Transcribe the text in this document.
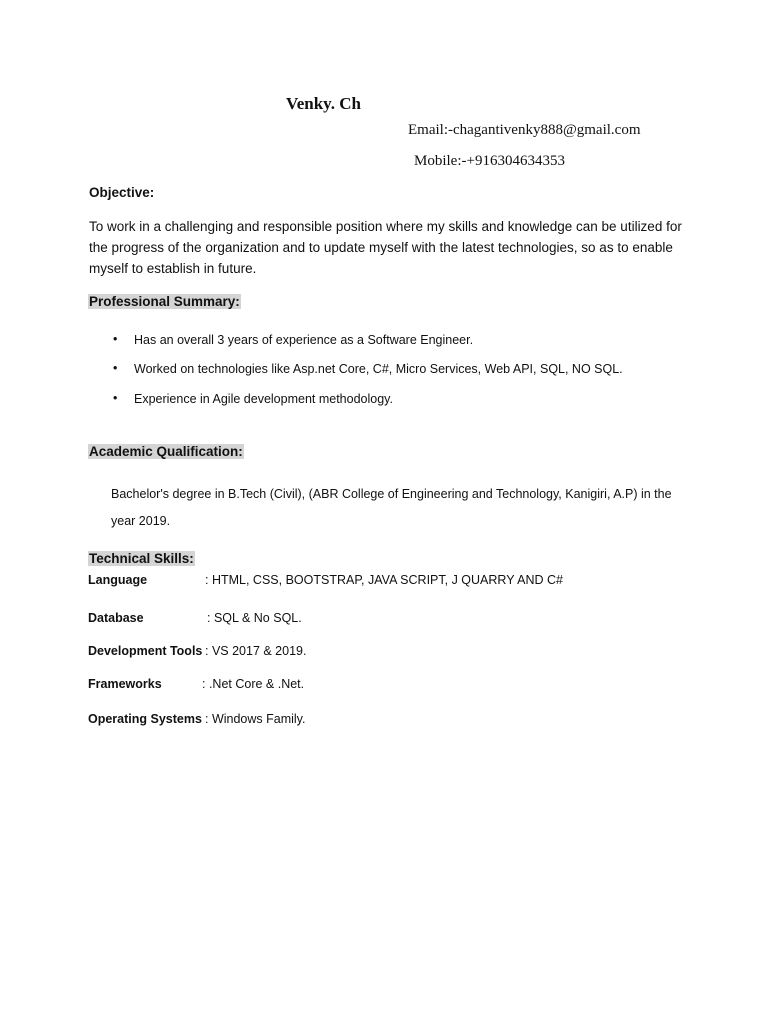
Venky. Ch
Email:-chagantivenky888@gmail.com
Mobile:-+916304634353
Objective:
To work in a challenging and responsible position where my skills and knowledge can be utilized for the progress of the organization and to update myself with the latest technologies, so as to enable myself to establish in future.
Professional Summary:
• Has an overall 3 years of experience as a Software Engineer.
• Worked on technologies like Asp.net Core, C#, Micro Services, Web API, SQL, NO SQL.
• Experience in Agile development methodology.
Academic Qualification:
Bachelor's degree in B.Tech (Civil), (ABR College of Engineering and Technology, Kanigiri, A.P) in the year 2019.
Technical Skills:
Language	: HTML, CSS, BOOTSTRAP, JAVA SCRIPT, J QUARRY AND C#
Database	: SQL & No SQL.
Development Tools : VS 2017 & 2019.
Frameworks	: .Net Core & .Net.
Operating Systems : Windows Family.
